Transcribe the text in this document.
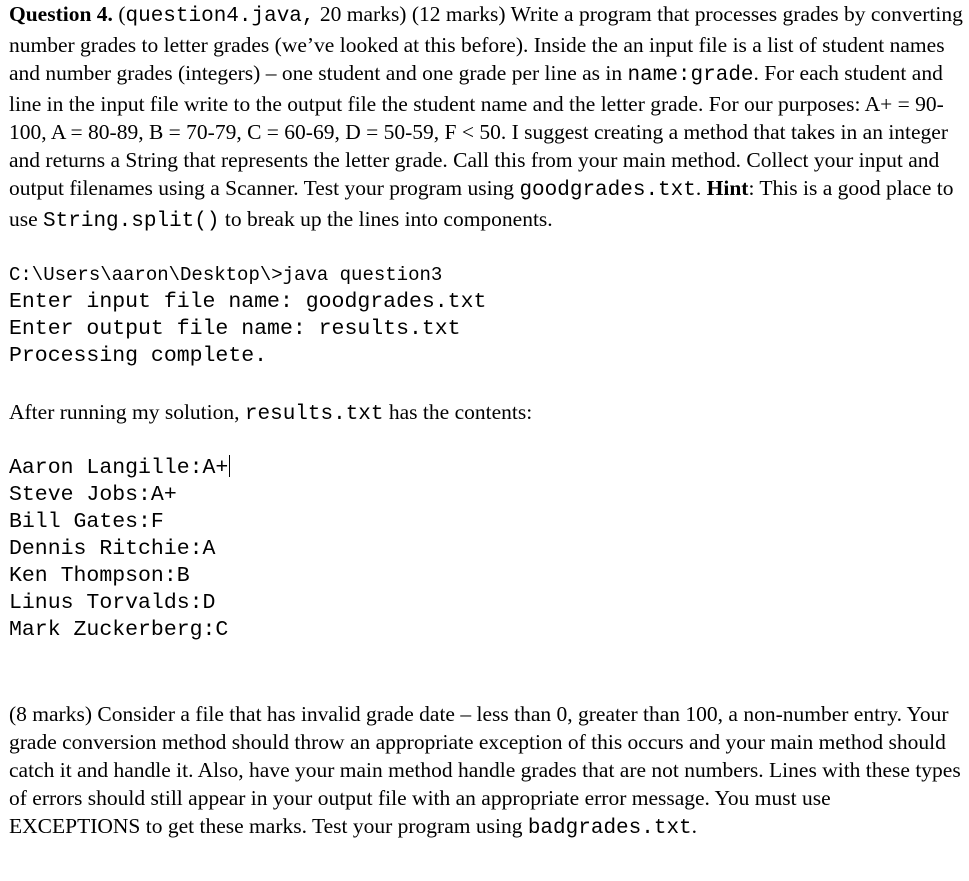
Question 4. (question4.java, 20 marks) (12 marks) Write a program that processes grades by converting number grades to letter grades (we’ve looked at this before). Inside the an input file is a list of student names and number grades (integers) – one student and one grade per line as in name:grade. For each student and line in the input file write to the output file the student name and the letter grade. For our purposes: A+ = 90-100, A = 80-89, B = 70-79, C = 60-69, D = 50-59, F < 50. I suggest creating a method that takes in an integer and returns a String that represents the letter grade. Call this from your main method. Collect your input and output filenames using a Scanner. Test your program using goodgrades.txt. Hint: This is a good place to use String.split() to break up the lines into components.

C:\Users\aaron\Desktop\>java question3
Enter input file name: goodgrades.txt
Enter output file name: results.txt
Processing complete.

After running my solution, results.txt has the contents:

Aaron Langille:A+
Steve Jobs:A+
Bill Gates:F
Dennis Ritchie:A
Ken Thompson:B
Linus Torvalds:D
Mark Zuckerberg:C

(8 marks) Consider a file that has invalid grade date – less than 0, greater than 100, a non-number entry. Your grade conversion method should throw an appropriate exception of this occurs and your main method should catch it and handle it. Also, have your main method handle grades that are not numbers. Lines with these types of errors should still appear in your output file with an appropriate error message. You must use EXCEPTIONS to get these marks. Test your program using badgrades.txt.
